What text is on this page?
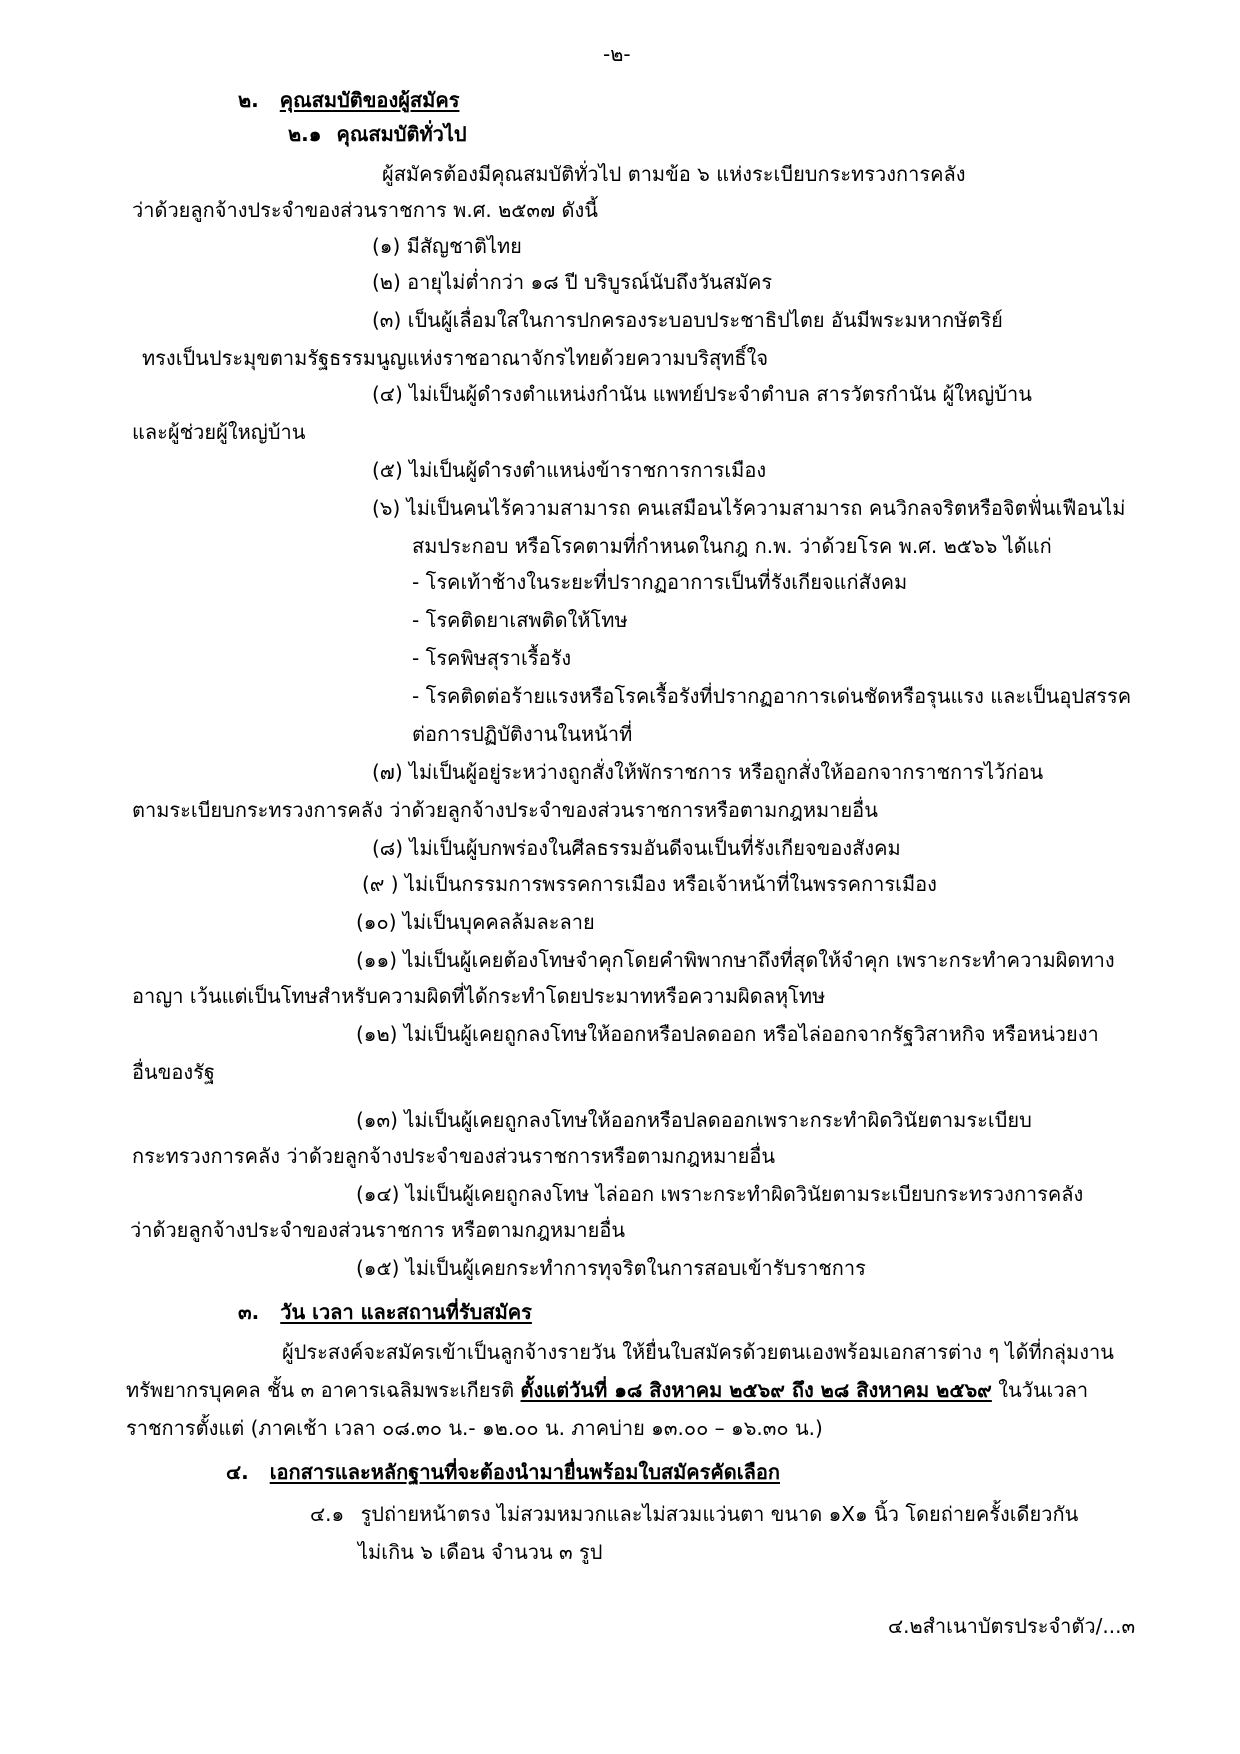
-๒-
๒. คุณสมบัติของผู้สมัคร
๒.๑ คุณสมบัติทั่วไป
ผู้สมัครต้องมีคุณสมบัติทั่วไป ตามข้อ ๖ แห่งระเบียบกระทรวงการคลัง
ว่าด้วยลูกจ้างประจำของส่วนราชการ พ.ศ. ๒๕๓๗ ดังนี้
(๑) มีสัญชาติไทย
(๒) อายุไม่ต่ำกว่า ๑๘ ปี บริบูรณ์นับถึงวันสมัคร
(๓) เป็นผู้เลื่อมใสในการปกครองระบอบประชาธิปไตย อันมีพระมหากษัตริย์
ทรงเป็นประมุขตามรัฐธรรมนูญแห่งราชอาณาจักรไทยด้วยความบริสุทธิ์ใจ
(๔) ไม่เป็นผู้ดำรงตำแหน่งกำนัน แพทย์ประจำตำบล สารวัตรกำนัน ผู้ใหญ่บ้าน
และผู้ช่วยผู้ใหญ่บ้าน
(๕) ไม่เป็นผู้ดำรงตำแหน่งข้าราชการการเมือง
(๖) ไม่เป็นคนไร้ความสามารถ คนเสมือนไร้ความสามารถ คนวิกลจริตหรือจิตฟั่นเฟือนไม่
สมประกอบ หรือโรคตามที่กำหนดในกฎ ก.พ. ว่าด้วยโรค พ.ศ. ๒๕๖๖ ได้แก่
- โรคเท้าช้างในระยะที่ปรากฏอาการเป็นที่รังเกียจแก่สังคม
- โรคติดยาเสพติดให้โทษ
- โรคพิษสุราเรื้อรัง
- โรคติดต่อร้ายแรงหรือโรคเรื้อรังที่ปรากฏอาการเด่นชัดหรือรุนแรง และเป็นอุปสรรค
ต่อการปฏิบัติงานในหน้าที่
(๗) ไม่เป็นผู้อยู่ระหว่างถูกสั่งให้พักราชการ หรือถูกสั่งให้ออกจากราชการไว้ก่อน
ตามระเบียบกระทรวงการคลัง ว่าด้วยลูกจ้างประจำของส่วนราชการหรือตามกฎหมายอื่น
(๘) ไม่เป็นผู้บกพร่องในศีลธรรมอันดีจนเป็นที่รังเกียจของสังคม
(๙ ) ไม่เป็นกรรมการพรรคการเมือง หรือเจ้าหน้าที่ในพรรคการเมือง
(๑๐) ไม่เป็นบุคคลล้มละลาย
(๑๑) ไม่เป็นผู้เคยต้องโทษจำคุกโดยคำพิพากษาถึงที่สุดให้จำคุก เพราะกระทำความผิดทาง
อาญา เว้นแต่เป็นโทษสำหรับความผิดที่ได้กระทำโดยประมาทหรือความผิดลหุโทษ
(๑๒) ไม่เป็นผู้เคยถูกลงโทษให้ออกหรือปลดออก หรือไล่ออกจากรัฐวิสาหกิจ หรือหน่วยงา
อื่นของรัฐ
(๑๓) ไม่เป็นผู้เคยถูกลงโทษให้ออกหรือปลดออกเพราะกระทำผิดวินัยตามระเบียบ
กระทรวงการคลัง ว่าด้วยลูกจ้างประจำของส่วนราชการหรือตามกฎหมายอื่น
(๑๔) ไม่เป็นผู้เคยถูกลงโทษ ไล่ออก เพราะกระทำผิดวินัยตามระเบียบกระทรวงการคลัง
ว่าด้วยลูกจ้างประจำของส่วนราชการ หรือตามกฎหมายอื่น
(๑๕) ไม่เป็นผู้เคยกระทำการทุจริตในการสอบเข้ารับราชการ
๓. วัน เวลา และสถานที่รับสมัคร
ผู้ประสงค์จะสมัครเข้าเป็นลูกจ้างรายวัน ให้ยื่นใบสมัครด้วยตนเองพร้อมเอกสารต่าง ๆ ได้ที่กลุ่มงาน
ทรัพยากรบุคคล ชั้น ๓ อาคารเฉลิมพระเกียรติ ตั้งแต่วันที่ ๑๘ สิงหาคม ๒๕๖๙ ถึง ๒๘ สิงหาคม ๒๕๖๙ ในวันเวลา
ราชการตั้งแต่ (ภาคเช้า เวลา ๐๘.๓๐ น.- ๑๒.๐๐ น. ภาคบ่าย ๑๓.๐๐ – ๑๖.๓๐ น.)
๔. เอกสารและหลักฐานที่จะต้องนำมายื่นพร้อมใบสมัครคัดเลือก
๔.๑ รูปถ่ายหน้าตรง ไม่สวมหมวกและไม่สวมแว่นตา ขนาด ๑X๑ นิ้ว โดยถ่ายครั้งเดียวกัน
ไม่เกิน ๖ เดือน จำนวน ๓ รูป
๔.๒สำเนาบัตรประจำตัว/...๓
